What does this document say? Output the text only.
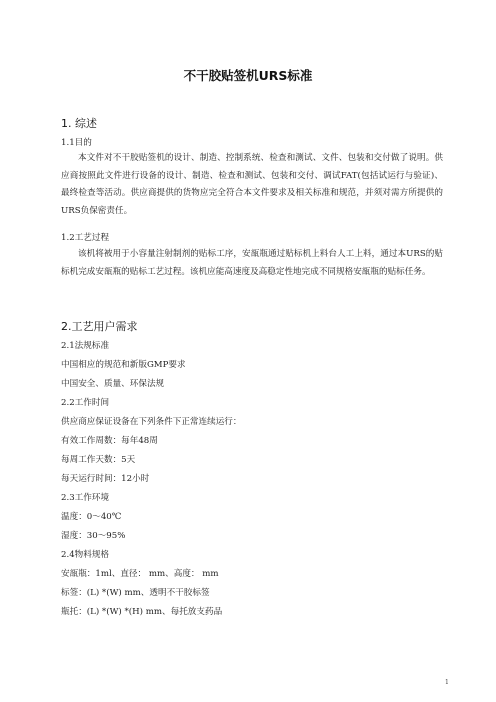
不干胶贴签机URS标准
1. 综述
1.1目的

本文件对不干胶贴签机的设计、制造、控制系统、检查和测试、文件、包装和交付做了说明。供应商按照此文件进行设备的设计、制造、检查和测试、包装和交付、调试FAT(包括试运行与验证)、最终检查等活动。供应商提供的货物应完全符合本文件要求及相关标准和规范，并须对需方所提供的URS负保密责任。

1.2工艺过程

该机将被用于小容量注射制剂的贴标工序，安瓿瓶通过贴标机上料台人工上料，通过本URS的贴标机完成安瓿瓶的贴标工艺过程。该机应能高速度及高稳定性地完成不同规格安瓿瓶的贴标任务。

2.工艺用户需求
2.1法规标准
中国相应的规范和新版GMP要求
中国安全、质量、环保法规
2.2工作时间
供应商应保证设备在下列条件下正常连续运行：
有效工作周数：每年48周
每周工作天数：5天
每天运行时间：12小时
2.3工作环境
温度：0～40℃
湿度：30～95%
2.4物料规格
安瓿瓶：1ml、直径： mm、高度： mm
标签：(L) *(W) mm、透明不干胶标签
瓶托：(L) *(W) *(H) mm、每托放支药品
1
